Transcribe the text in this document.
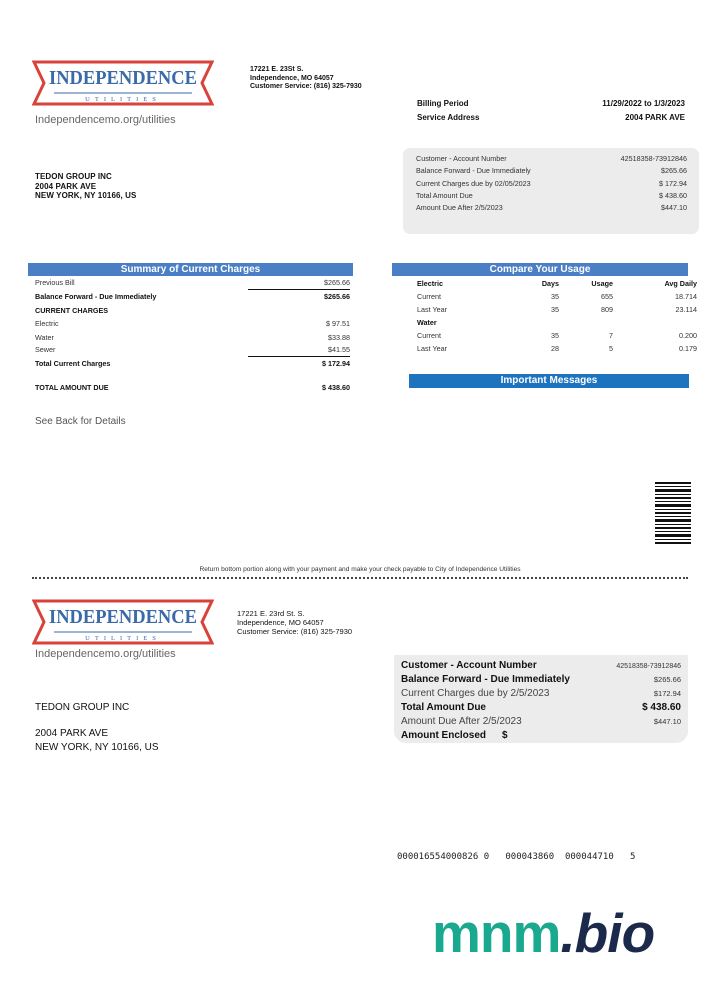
INDEPENDENCE
UTILITIES
Independencemo.org/utilities
17221 E. 23St S.
Independence, MO 64057
Customer Service: (816) 325-7930
Billing Period	11/29/2022 to 1/3/2023
Service Address	2004 PARK AVE
TEDON GROUP INC
2004 PARK AVE
NEW YORK, NY 10166, US
Customer - Account Number	42518358-73912846
Balance Forward - Due Immediately	$265.66
Current Charges due by 02/05/2023	$ 172.94
Total Amount Due	$ 438.60
Amount Due After 2/5/2023	$447.10
Summary of Current Charges
Previous Bill	$265.66
Balance Forward - Due Immediately	$265.66
CURRENT CHARGES
Electric	$ 97.51
Water	$33.88
Sewer	$41.55
Total Current Charges	$ 172.94
TOTAL AMOUNT DUE	$ 438.60
See Back for Details
Compare Your Usage
Electric	Days	Usage	Avg Daily
Current	35	655	18.714
Last Year	35	809	23.114
Water
Current	35	7	0.200
Last Year	28	5	0.179
Important Messages
Return bottom portion along with your payment and make your check payable to City of Independence Utilities
INDEPENDENCE
UTILITIES
Independencemo.org/utilities
17221 E. 23rd St. S.
Independence, MO 64057
Customer Service: (816) 325-7930
TEDON GROUP INC
2004 PARK AVE
NEW YORK, NY 10166, US
Customer - Account Number	42518358-73912846
Balance Forward - Due Immediately	$265.66
Current Charges due by 2/5/2023	$172.94
Total Amount Due	$ 438.60
Amount Due After 2/5/2023	$447.10
Amount Enclosed $
000016554000826 0   000043860  000044710   5
mnm.bio
